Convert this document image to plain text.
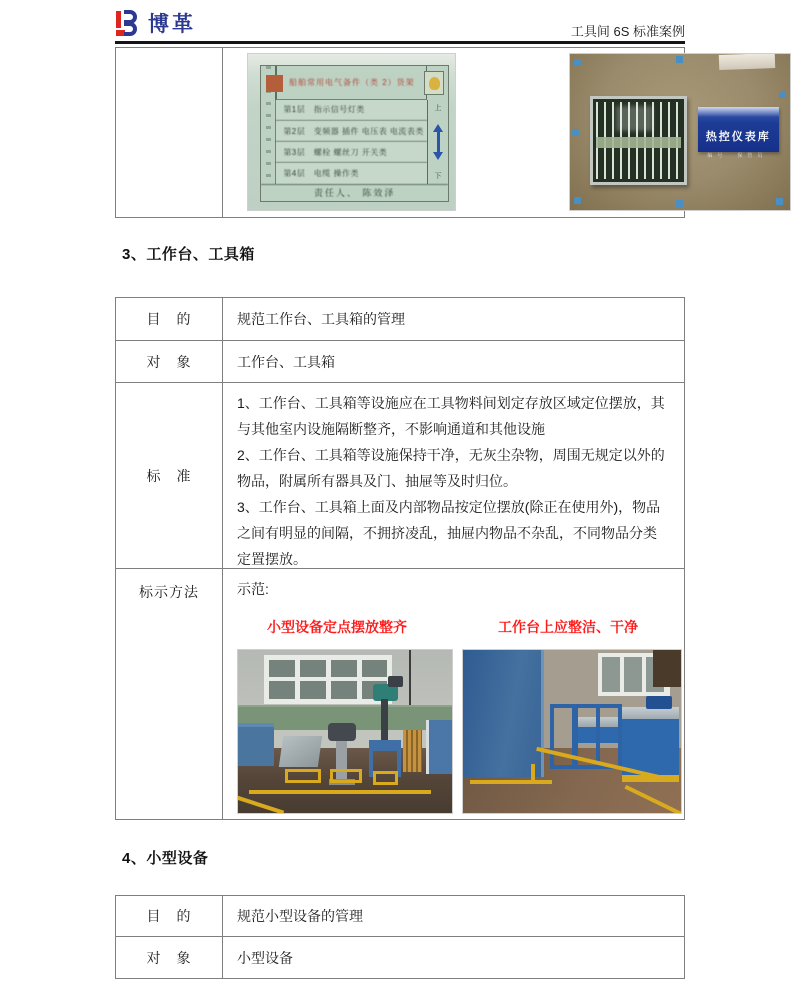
博革	工具间 6S 标准案例
船舶常用电气备件（类 2）货架
第1层　指示信号灯类
第2层　变频器 插件 电压表 电流表类
第3层　螺栓 螺丝刀 开关类
第4层　电缆 操作类
上
下
责任人、 陈效泽
热控仪表库
编号　保管员
3、工作台、工具箱
目　的	规范工作台、工具箱的管理
对　象	工作台、工具箱
标　准
1、工作台、工具箱等设施应在工具物料间划定存放区域定位摆放，其与其他室内设施隔断整齐，不影响通道和其他设施
2、工作台、工具箱等设施保持干净，无灰尘杂物，周围无规定以外的物品，附属所有器具及门、抽屉等及时归位。
3、工作台、工具箱上面及内部物品按定位摆放(除正在使用外)，物品之间有明显的间隔，不拥挤凌乱，抽屉内物品不杂乱，不同物品分类定置摆放。
标示方法	示范:
小型设备定点摆放整齐	工作台上应整洁、干净
4、小型设备
目　的	规范小型设备的管理
对　象	小型设备
